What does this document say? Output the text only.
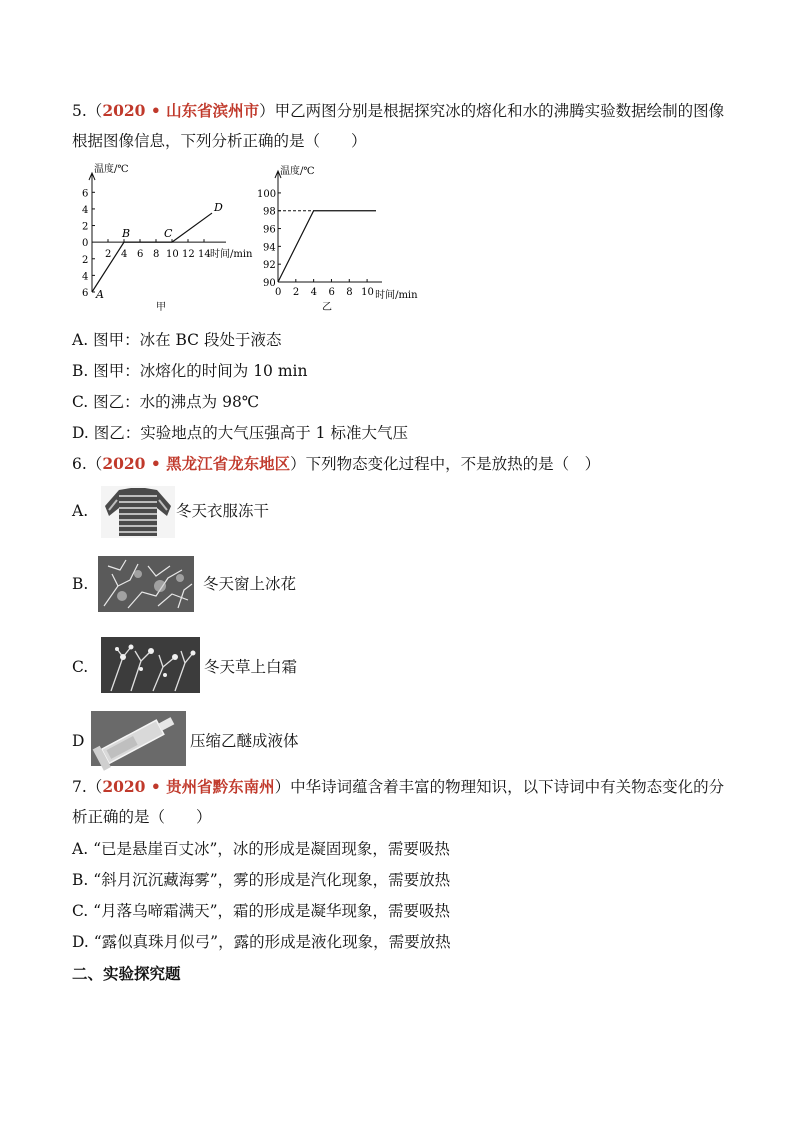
5.（2020 • 山东省滨州市）甲乙两图分别是根据探究冰的熔化和水的沸腾实验数据绘制的图像
根据图像信息，下列分析正确的是（　　）
温度/℃
时间/min
2
4
6
2
4
6
0
2 4 6 8 10 12 14
A
B	C
D
甲
温度/℃
时间/min
90
92
94
96
98
100
0 2 4 6 8 10
乙
A. 图甲：冰在 BC 段处于液态
B. 图甲：冰熔化的时间为 10 min
C. 图乙：水的沸点为 98℃
D. 图乙：实验地点的大气压强高于 1 标准大气压
6.（2020 • 黑龙江省龙东地区）下列物态变化过程中，不是放热的是（　）
A.	冬天衣服冻干
B.	冬天窗上冰花
C.	冬天草上白霜
D	压缩乙醚成液体
7.（2020 • 贵州省黔东南州）中华诗词蕴含着丰富的物理知识，以下诗词中有关物态变化的分
析正确的是（　　）
A. “已是悬崖百丈冰”，冰的形成是凝固现象，需要吸热
B. “斜月沉沉藏海雾”，雾的形成是汽化现象，需要放热
C. “月落乌啼霜满天”，霜的形成是凝华现象，需要吸热
D. “露似真珠月似弓”，露的形成是液化现象，需要放热
二、实验探究题
